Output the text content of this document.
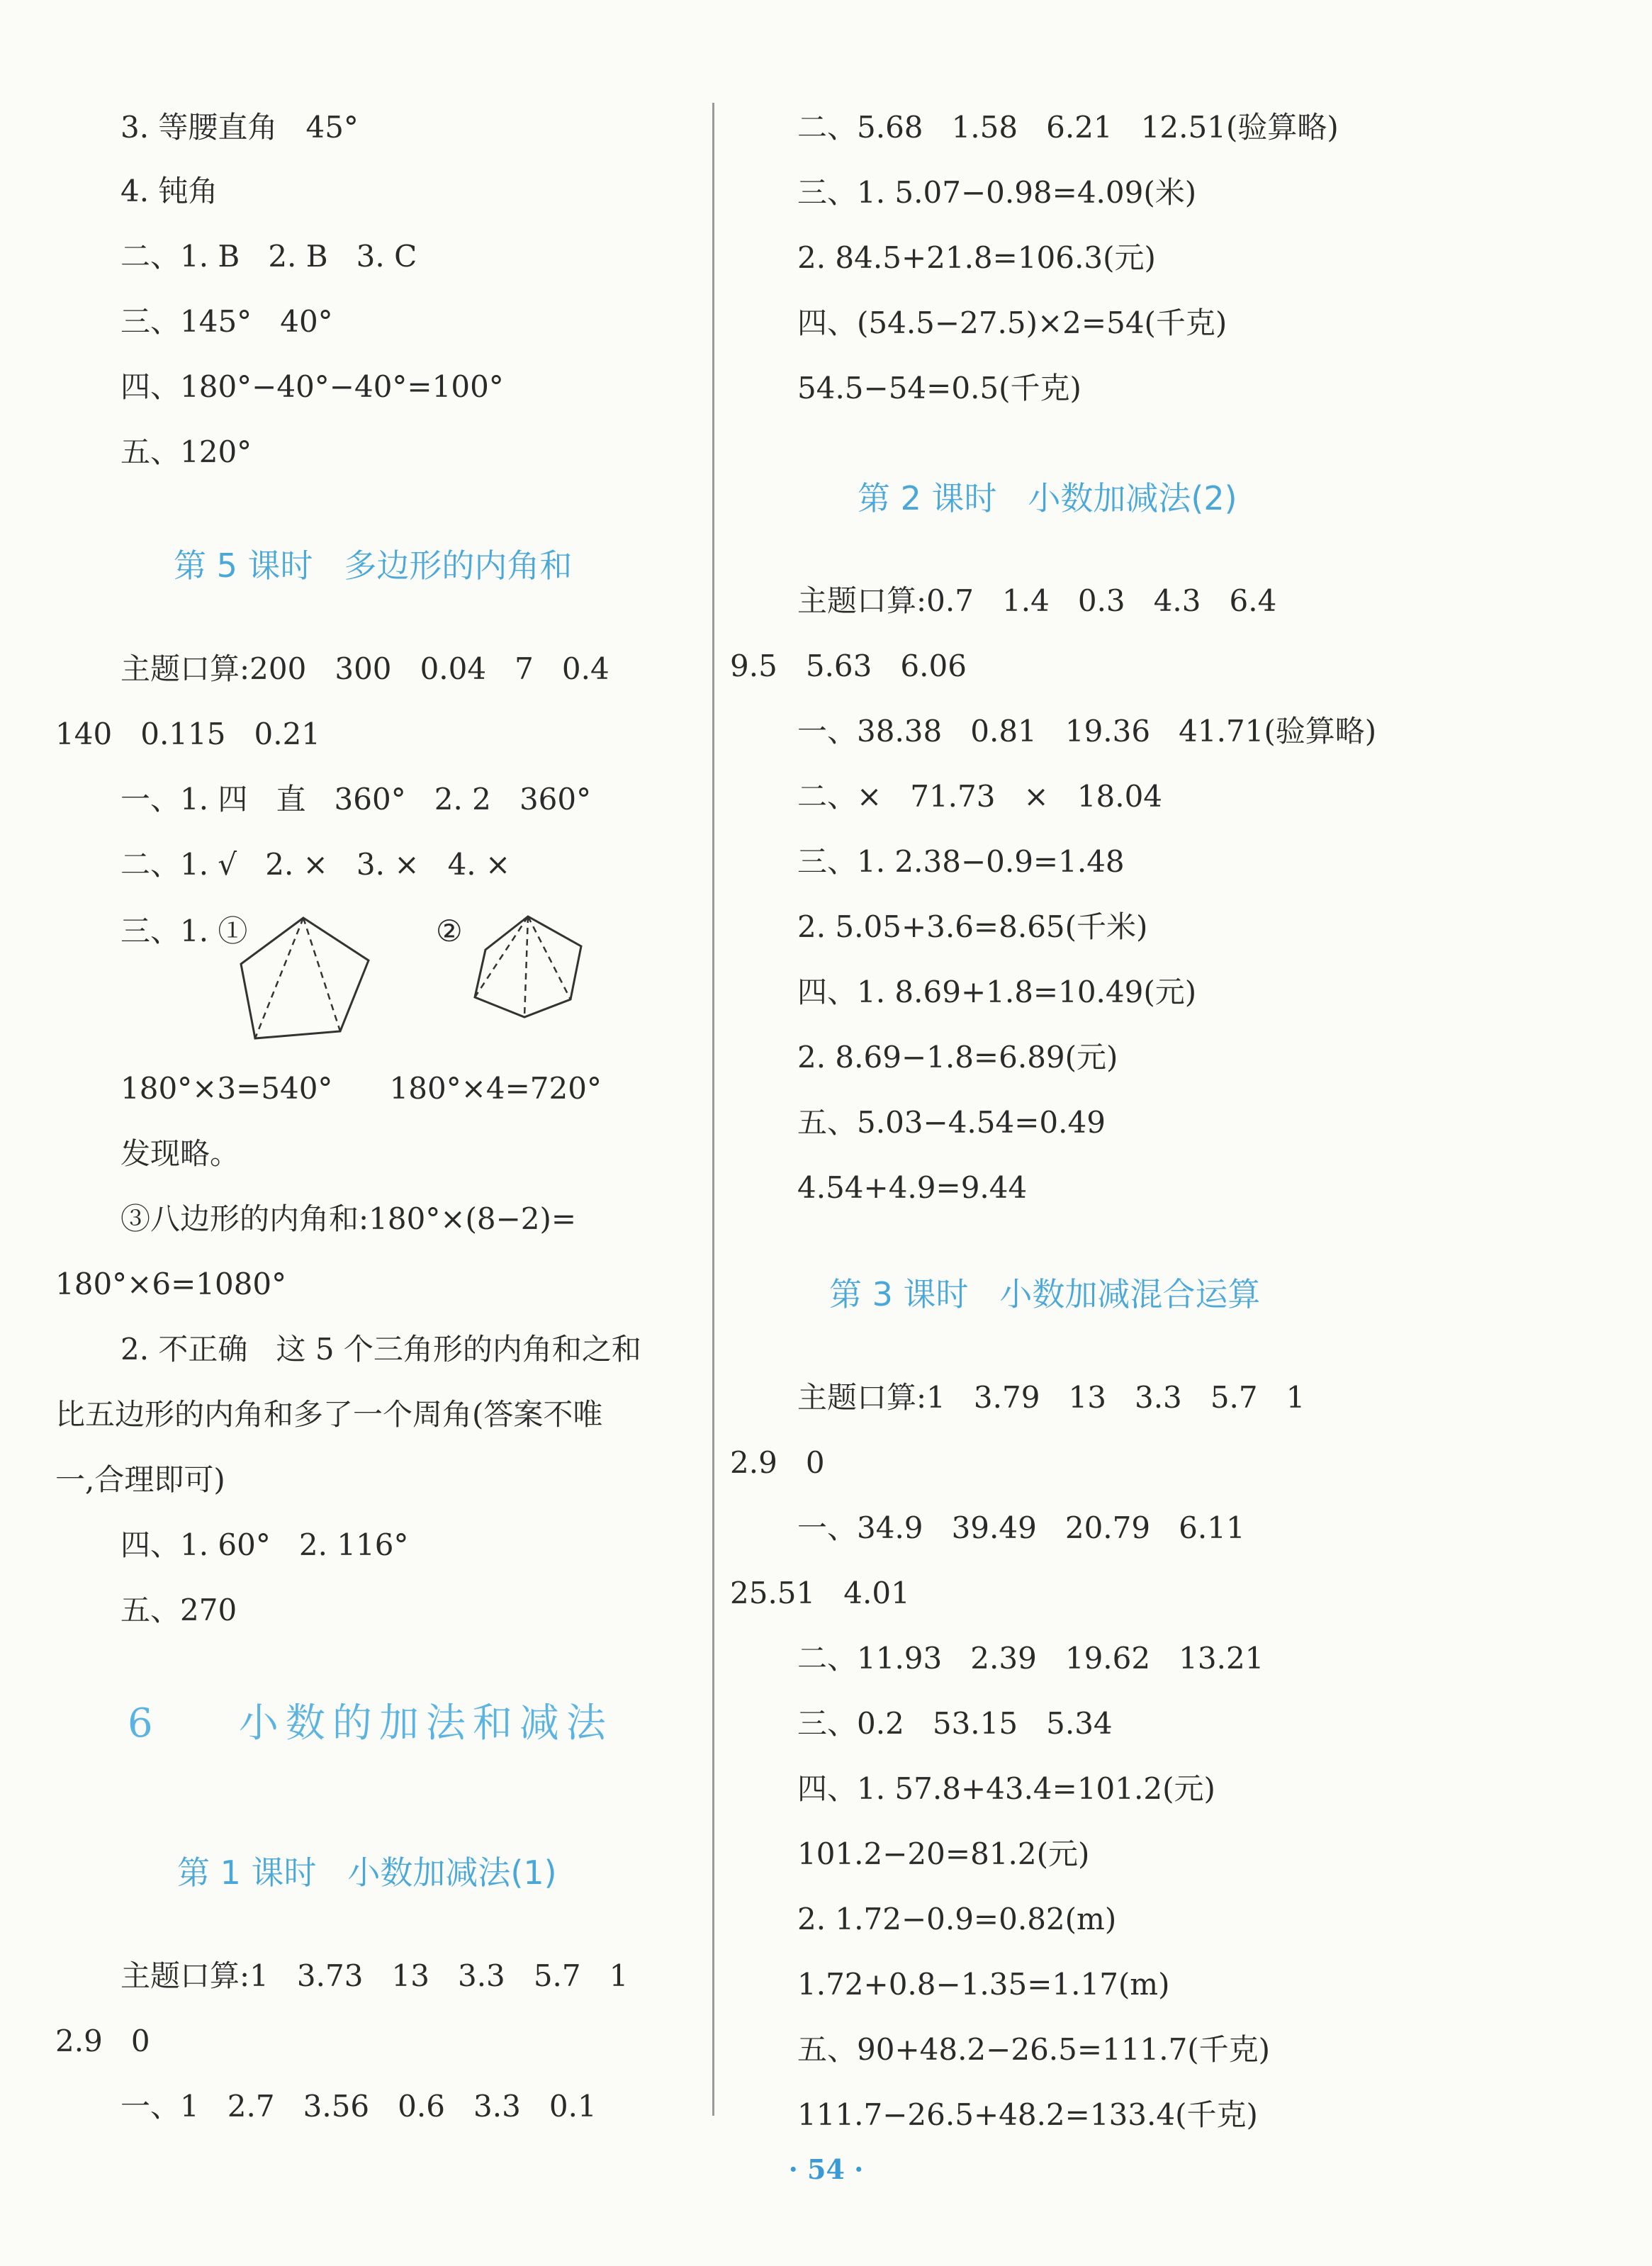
3. 等腰直角   45°
4. 钝角
二、1. B   2. B   3. C
三、145°   40°
四、180°−40°−40°=100°
五、120°
第 5 课时   多边形的内角和
主题口算:200   300   0.04   7   0.4
140   0.115   0.21
一、1. 四   直   360°   2. 2   360°
二、1. √   2. ×   3. ×   4. ×
三、1. ①	②
180°×3=540°      180°×4=720°
发现略。
③八边形的内角和:180°×(8−2)=
180°×6=1080°
2. 不正确   这 5 个三角形的内角和之和
比五边形的内角和多了一个周角(答案不唯
一,合理即可)
四、1. 60°   2. 116°
五、270
6    小数的加法和减法
第 1 课时   小数加减法(1)
主题口算:1   3.73   13   3.3   5.7   1
2.9   0
一、1   2.7   3.56   0.6   3.3   0.1
二、5.68   1.58   6.21   12.51(验算略)
三、1. 5.07−0.98=4.09(米)
2. 84.5+21.8=106.3(元)
四、(54.5−27.5)×2=54(千克)
54.5−54=0.5(千克)
第 2 课时   小数加减法(2)
主题口算:0.7   1.4   0.3   4.3   6.4
9.5   5.63   6.06
一、38.38   0.81   19.36   41.71(验算略)
二、×   71.73   ×   18.04
三、1. 2.38−0.9=1.48
2. 5.05+3.6=8.65(千米)
四、1. 8.69+1.8=10.49(元)
2. 8.69−1.8=6.89(元)
五、5.03−4.54=0.49
4.54+4.9=9.44
第 3 课时   小数加减混合运算
主题口算:1   3.79   13   3.3   5.7   1
2.9   0
一、34.9   39.49   20.79   6.11
25.51   4.01
二、11.93   2.39   19.62   13.21
三、0.2   53.15   5.34
四、1. 57.8+43.4=101.2(元)
101.2−20=81.2(元)
2. 1.72−0.9=0.82(m)
1.72+0.8−1.35=1.17(m)
五、90+48.2−26.5=111.7(千克)
111.7−26.5+48.2=133.4(千克)
· 54 ·
